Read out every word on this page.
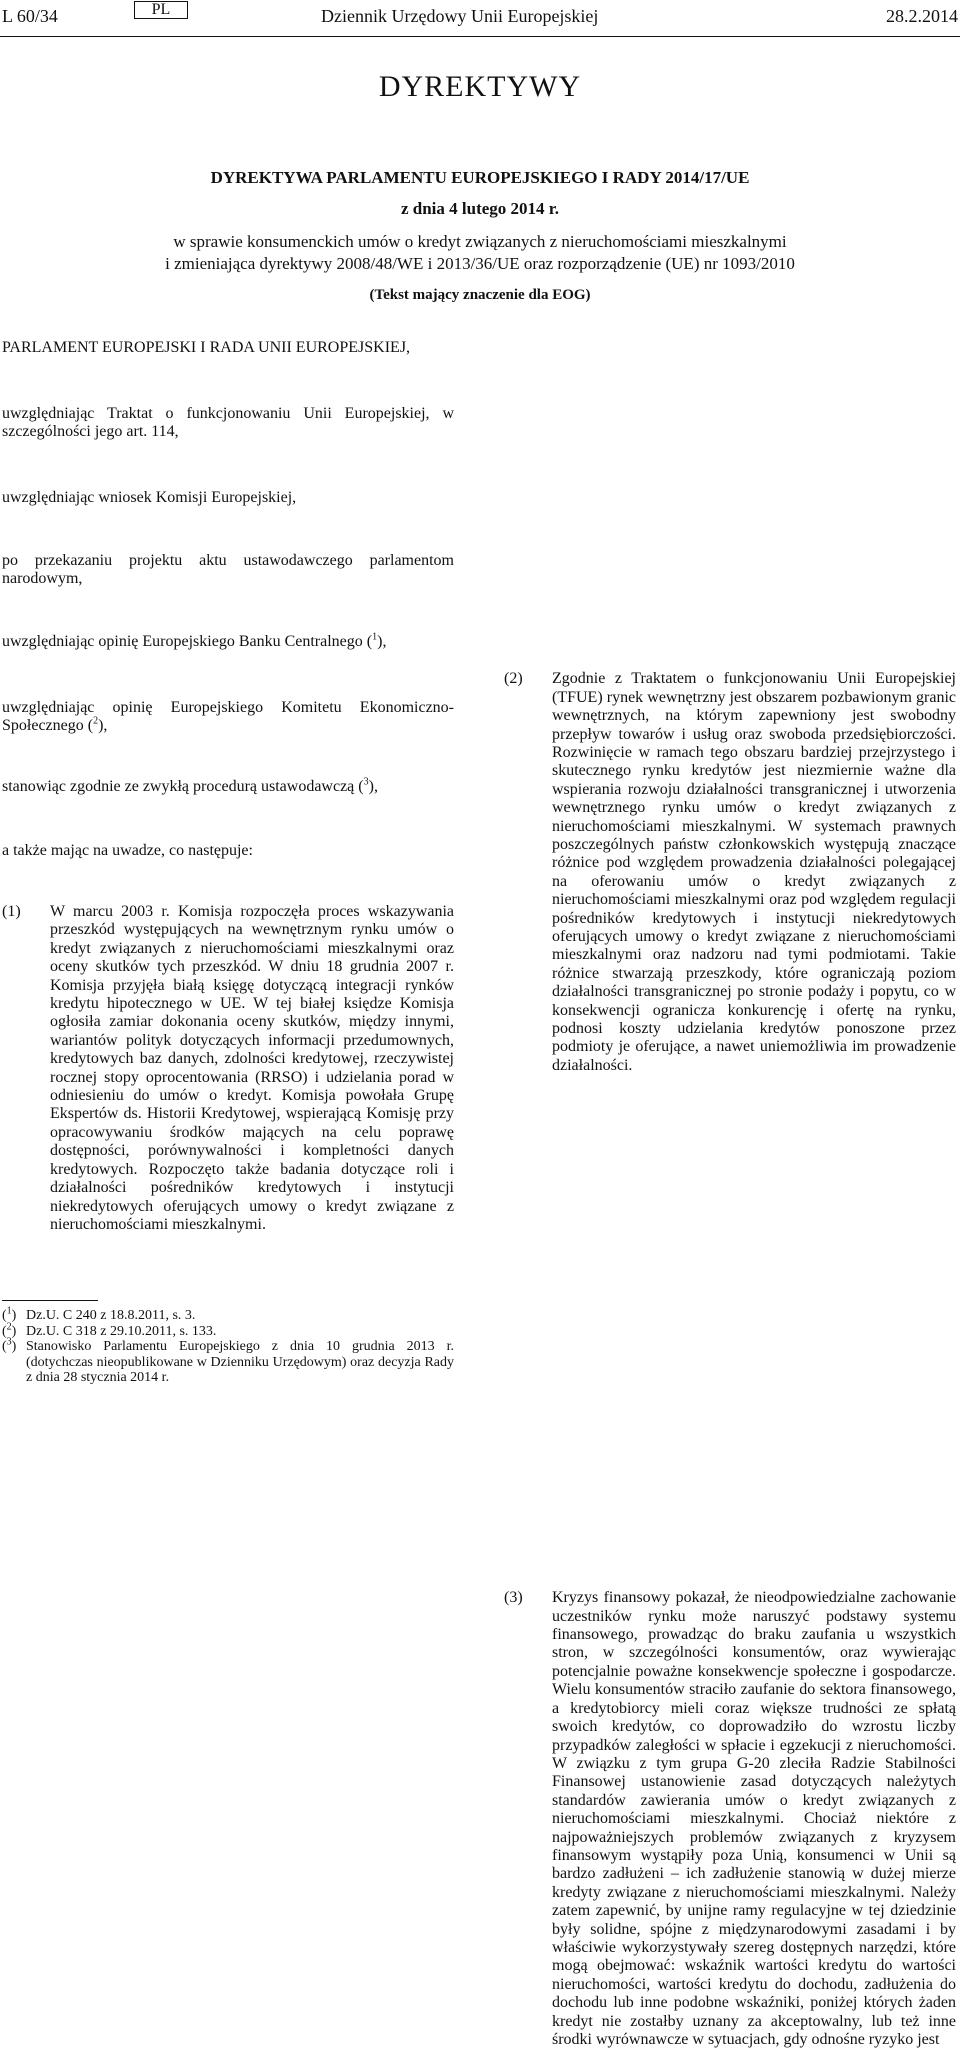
L 60/34	PL	Dziennik Urzędowy Unii Europejskiej	28.2.2014
DYREKTYWY
DYREKTYWA PARLAMENTU EUROPEJSKIEGO I RADY 2014/17/UE
z dnia 4 lutego 2014 r.
w sprawie konsumenckich umów o kredyt związanych z nieruchomościami mieszkalnymi
i zmieniająca dyrektywy 2008/48/WE i 2013/36/UE oraz rozporządzenie (UE) nr 1093/2010
(Tekst mający znaczenie dla EOG)
PARLAMENT EUROPEJSKI I RADA UNII EUROPEJSKIEJ,
uwzględniając Traktat o funkcjonowaniu Unii Europejskiej, w szczególności jego art. 114,
uwzględniając wniosek Komisji Europejskiej,
po przekazaniu projektu aktu ustawodawczego parlamentom narodowym,
uwzględniając opinię Europejskiego Banku Centralnego ($^1$),
uwzględniając opinię Europejskiego Komitetu Ekonomiczno-Społecznego ($^2$),
stanowiąc zgodnie ze zwykłą procedurą ustawodawczą ($^3$),
a także mając na uwadze, co następuje:
(1) W marcu 2003 r. Komisja rozpoczęła proces wskazywania przeszkód występujących na wewnętrznym rynku umów o kredyt związanych z nieruchomościami mieszkalnymi oraz oceny skutków tych przeszkód. W dniu 18 grudnia 2007 r. Komisja przyjęła białą księgę dotyczącą integracji rynków kredytu hipotecznego w UE. W tej białej księdze Komisja ogłosiła zamiar dokonania oceny skutków, między innymi, wariantów polityk dotyczących informacji przedumownych, kredytowych baz danych, zdolności kredytowej, rzeczywistej rocznej stopy oprocentowania (RRSO) i udzielania porad w odniesieniu do umów o kredyt. Komisja powołała Grupę Ekspertów ds. Historii Kredytowej, wspierającą Komisję przy opracowywaniu środków mających na celu poprawę dostępności, porównywalności i kompletności danych kredytowych. Rozpoczęto także badania dotyczące roli i działalności pośredników kredytowych i instytucji niekredytowych oferujących umowy o kredyt związane z nieruchomościami mieszkalnymi.

(2) Zgodnie z Traktatem o funkcjonowaniu Unii Europejskiej (TFUE) rynek wewnętrzny jest obszarem pozbawionym granic wewnętrznych, na którym zapewniony jest swobodny przepływ towarów i usług oraz swoboda przedsiębiorczości. Rozwinięcie w ramach tego obszaru bardziej przejrzystego i skutecznego rynku kredytów jest niezmiernie ważne dla wspierania rozwoju działalności transgranicznej i utworzenia wewnętrznego rynku umów o kredyt związanych z nieruchomościami mieszkalnymi. W systemach prawnych poszczególnych państw członkowskich występują znaczące różnice pod względem prowadzenia działalności polegającej na oferowaniu umów o kredyt związanych z nieruchomościami mieszkalnymi oraz pod względem regulacji pośredników kredytowych i instytucji niekredytowych oferujących umowy o kredyt związane z nieruchomościami mieszkalnymi oraz nadzoru nad tymi podmiotami. Takie różnice stwarzają przeszkody, które ograniczają poziom działalności transgranicznej po stronie podaży i popytu, co w konsekwencji ogranicza konkurencję i ofertę na rynku, podnosi koszty udzielania kredytów ponoszone przez podmioty je oferujące, a nawet uniemożliwia im prowadzenie działalności.

(3) Kryzys finansowy pokazał, że nieodpowiedzialne zachowanie uczestników rynku może naruszyć podstawy systemu finansowego, prowadząc do braku zaufania u wszystkich stron, w szczególności konsumentów, oraz wywierając potencjalnie poważne konsekwencje społeczne i gospodarcze. Wielu konsumentów straciło zaufanie do sektora finansowego, a kredytobiorcy mieli coraz większe trudności ze spłatą swoich kredytów, co doprowadziło do wzrostu liczby przypadków zaległości w spłacie i egzekucji z nieruchomości. W związku z tym grupa G-20 zleciła Radzie Stabilności Finansowej ustanowienie zasad dotyczących należytych standardów zawierania umów o kredyt związanych z nieruchomościami mieszkalnymi. Chociaż niektóre z najpoważniejszych problemów związanych z kryzysem finansowym wystąpiły poza Unią, konsumenci w Unii są bardzo zadłużeni – ich zadłużenie stanowią w dużej mierze kredyty związane z nieruchomościami mieszkalnymi. Należy zatem zapewnić, by unijne ramy regulacyjne w tej dziedzinie były solidne, spójne z międzynarodowymi zasadami i by właściwie wykorzystywały szereg dostępnych narzędzi, które mogą obejmować: wskaźnik wartości kredytu do wartości nieruchomości, wartości kredytu do dochodu, zadłużenia do dochodu lub inne podobne wskaźniki, poniżej których żaden kredyt nie zostałby uznany za akceptowalny, lub też inne środki wyrównawcze w sytuacjach, gdy odnośne ryzyko jest

($^1$) Dz.U. C 240 z 18.8.2011, s. 3.
($^2$) Dz.U. C 318 z 29.10.2011, s. 133.
($^3$) Stanowisko Parlamentu Europejskiego z dnia 10 grudnia 2013 r. (dotychczas nieopublikowane w Dzienniku Urzędowym) oraz decyzja Rady z dnia 28 stycznia 2014 r.
